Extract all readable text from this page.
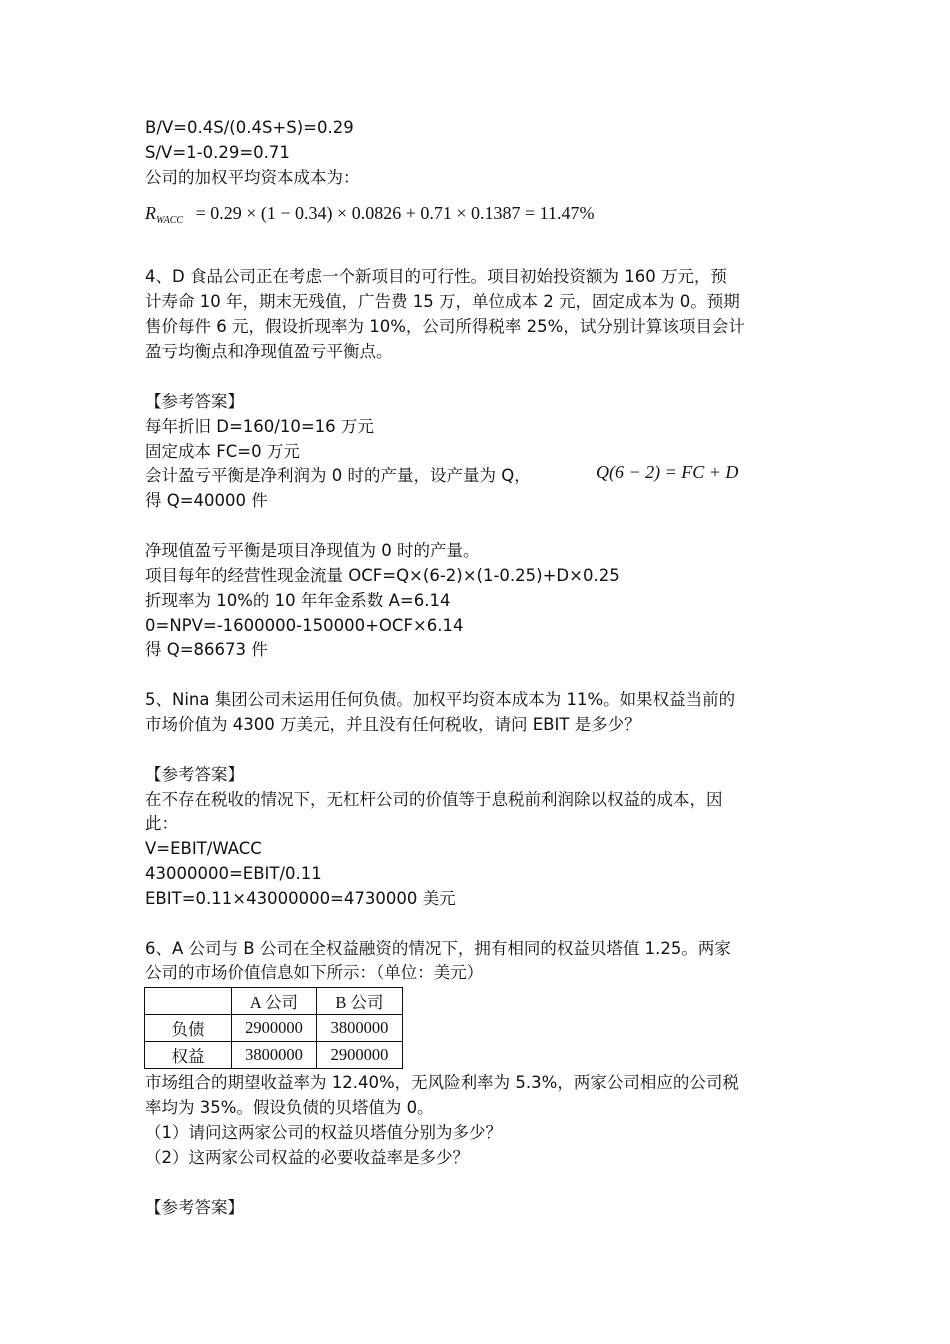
B/V=0.4S/(0.4S+S)=0.29
S/V=1-0.29=0.71
公司的加权平均资本成本为：
$R_{WACC} = 0.29 \times (1 - 0.34) \times 0.0826 + 0.71 \times 0.1387 = 11.47\%$
4、D 食品公司正在考虑一个新项目的可行性。项目初始投资额为 160 万元，预
计寿命 10 年，期末无残值，广告费 15 万，单位成本 2 元，固定成本为 0。预期
售价每件 6 元，假设折现率为 10%，公司所得税率 25%，试分别计算该项目会计
盈亏均衡点和净现值盈亏平衡点。
【参考答案】
每年折旧 D=160/10=16 万元
固定成本 FC=0 万元
会计盈亏平衡是净利润为 0 时的产量，设产量为 Q，	Q(6 − 2) = FC + D
得 Q=40000 件
净现值盈亏平衡是项目净现值为 0 时的产量。
项目每年的经营性现金流量 OCF=Q×(6-2)×(1-0.25)+D×0.25
折现率为 10%的 10 年年金系数 A=6.14
0=NPV=-1600000-150000+OCF×6.14
得 Q=86673 件
5、Nina 集团公司未运用任何负债。加权平均资本成本为 11%。如果权益当前的
市场价值为 4300 万美元，并且没有任何税收，请问 EBIT 是多少？
【参考答案】
在不存在税收的情况下，无杠杆公司的价值等于息税前利润除以权益的成本，因
此：
V=EBIT/WACC
43000000=EBIT/0.11
EBIT=0.11×43000000=4730000 美元
6、A 公司与 B 公司在全权益融资的情况下，拥有相同的权益贝塔值 1.25。两家
公司的市场价值信息如下所示：（单位：美元）
	A 公司	B 公司
负债	2900000	3800000
权益	3800000	2900000
市场组合的期望收益率为 12.40%，无风险利率为 5.3%，两家公司相应的公司税
率均为 35%。假设负债的贝塔值为 0。
（1）请问这两家公司的权益贝塔值分别为多少？
（2）这两家公司权益的必要收益率是多少？
【参考答案】
